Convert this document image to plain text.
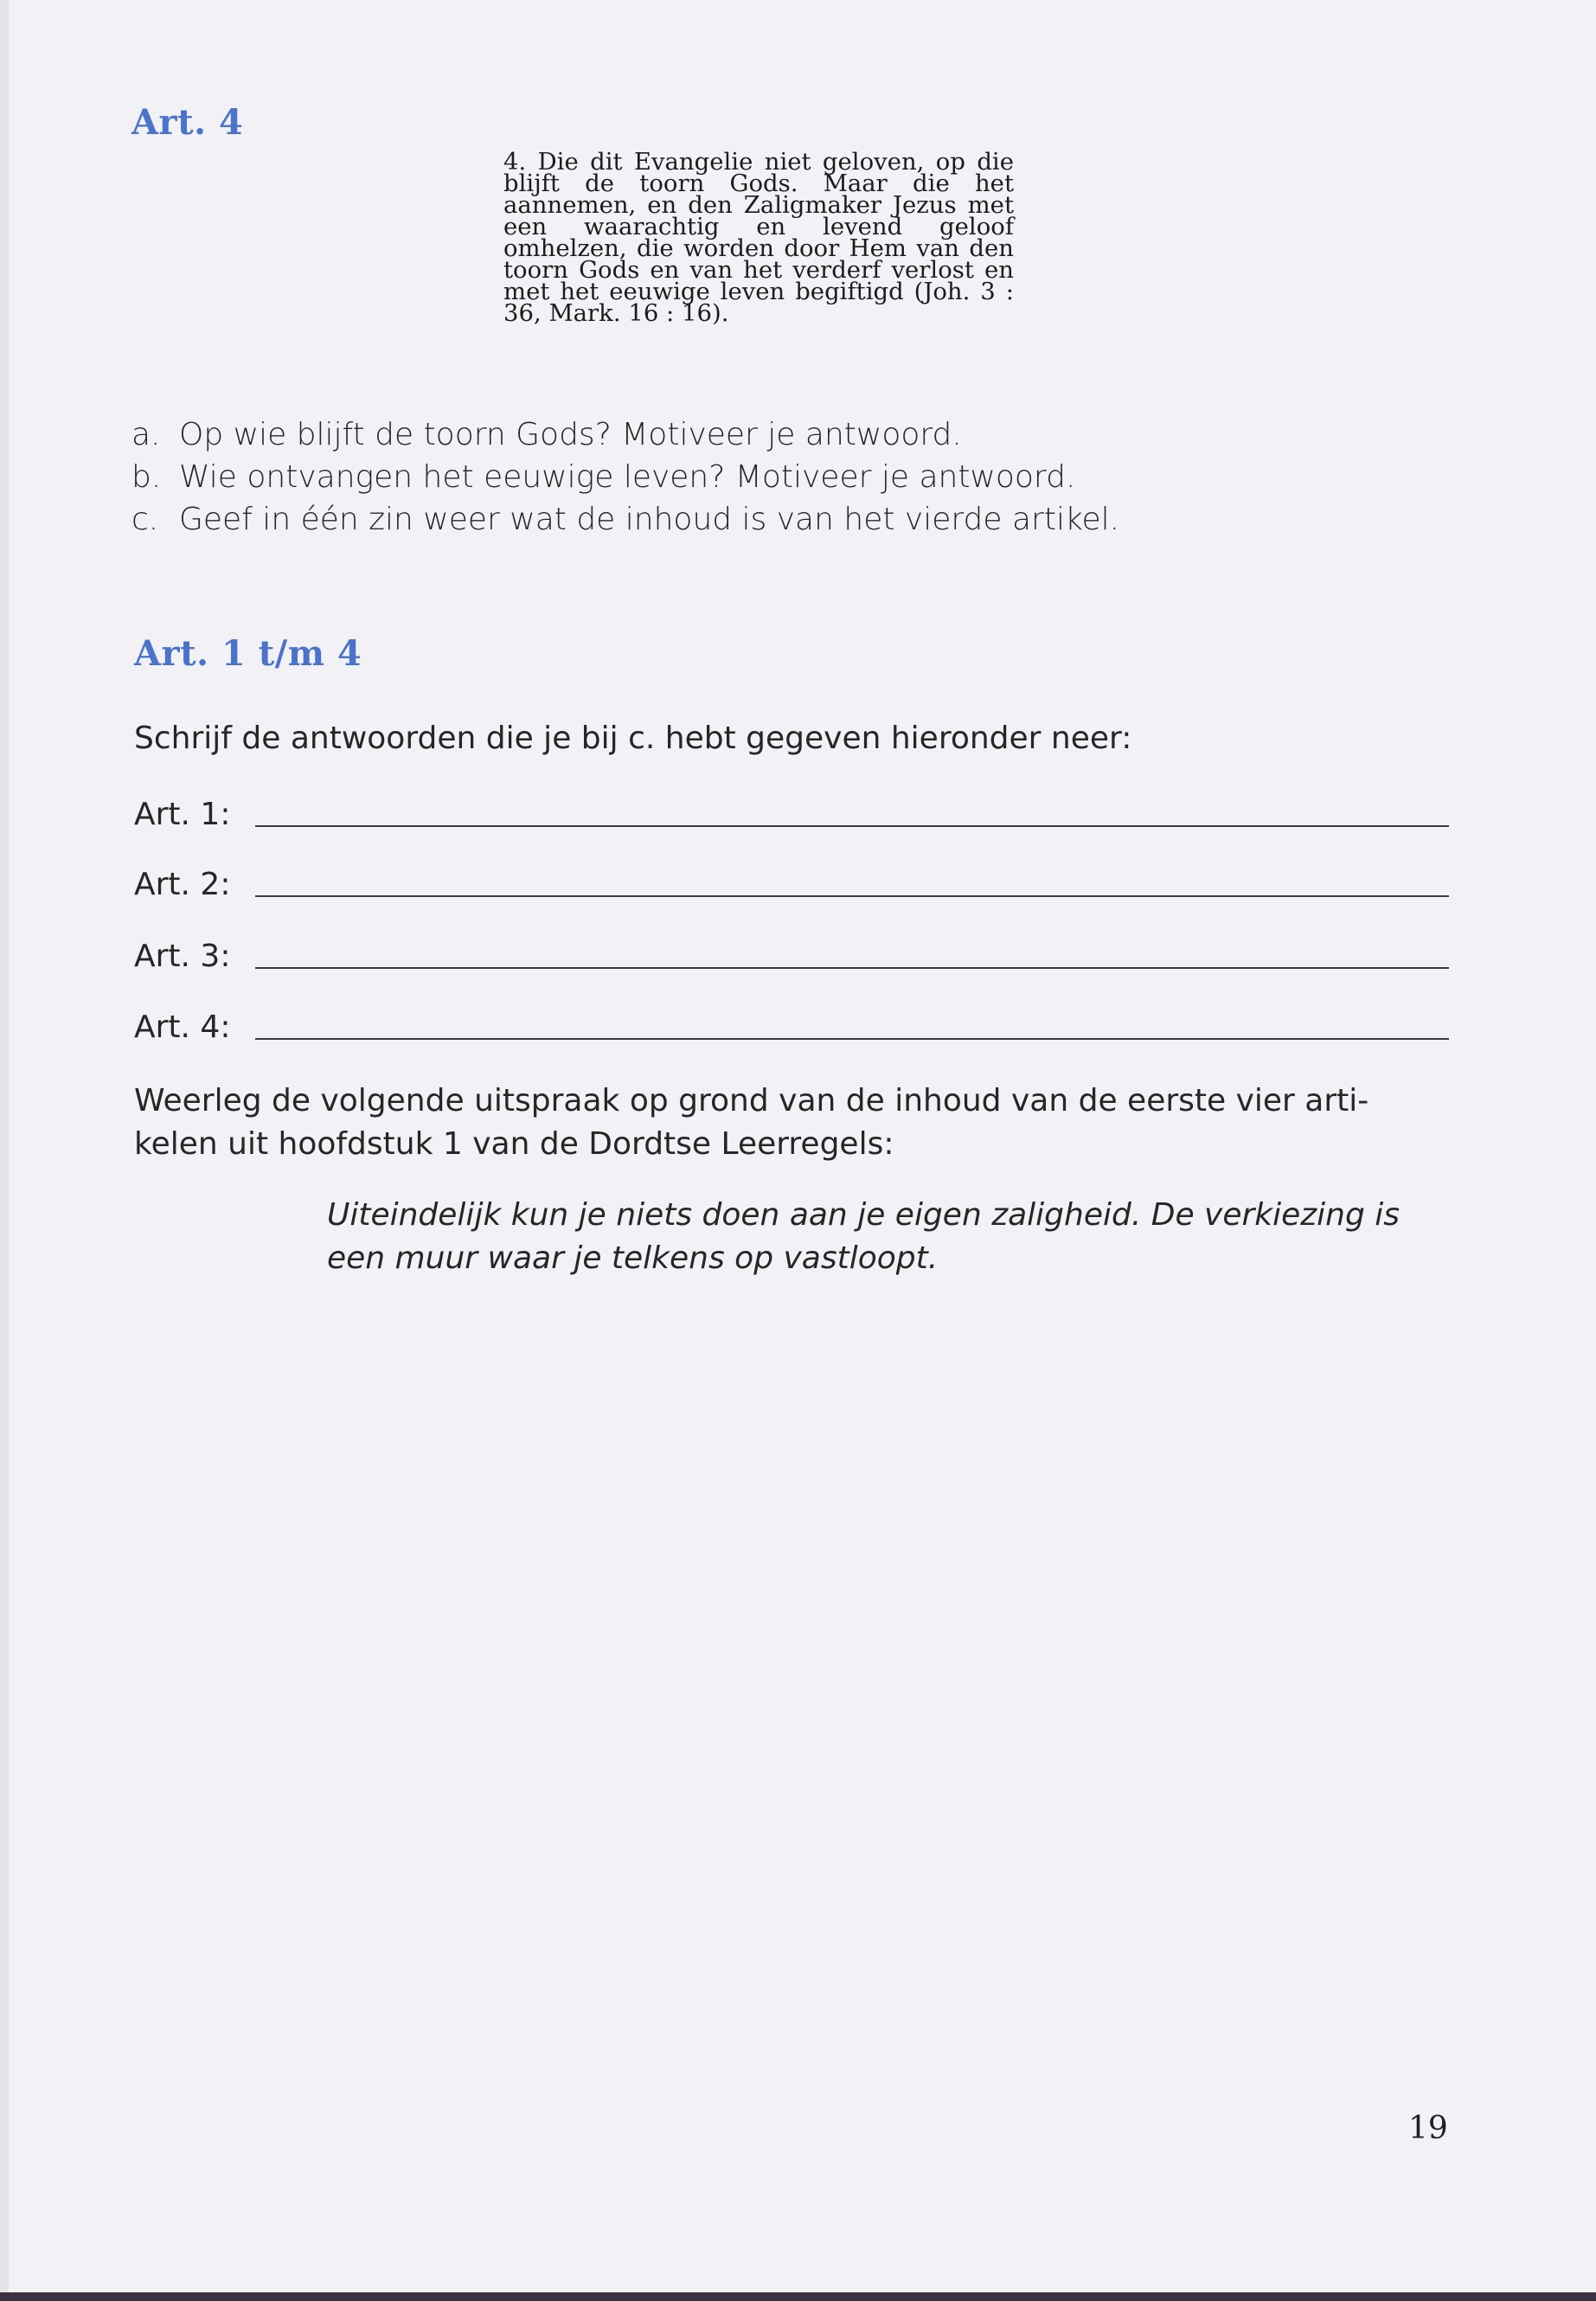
Art. 4

4. Die dit Evangelie niet geloven, op die blijft de toorn Gods. Maar die het aannemen, en den Zaligmaker Jezus met een waarachtig en levend geloof omhelzen, die worden door Hem van den toorn Gods en van het verderf verlost en met het eeuwige leven begiftigd (Joh. 3 : 36, Mark. 16 : 16).

a. Op wie blijft de toorn Gods? Motiveer je antwoord.
b. Wie ontvangen het eeuwige leven? Motiveer je antwoord.
c. Geef in één zin weer wat de inhoud is van het vierde artikel.
Art. 1 t/m 4

Schrijf de antwoorden die je bij c. hebt gegeven hieronder neer:

Art. 1:
Art. 2:
Art. 3:
Art. 4:

Weerleg de volgende uitspraak op grond van de inhoud van de eerste vier artikelen uit hoofdstuk 1 van de Dordtse Leerregels:

Uiteindelijk kun je niets doen aan je eigen zaligheid. De verkiezing is een muur waar je telkens op vastloopt.

19
